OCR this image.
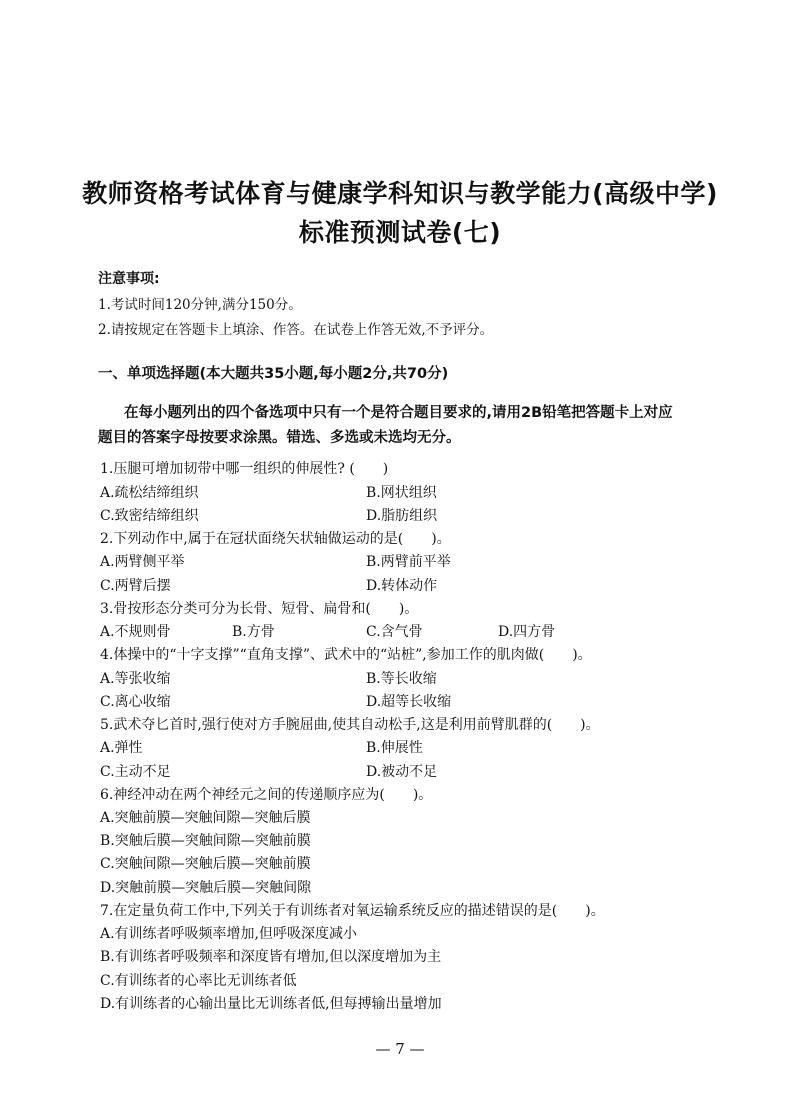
教师资格考试体育与健康学科知识与教学能力(高级中学)
标准预测试卷(七)
注意事项:
1.考试时间120分钟,满分150分。
2.请按规定在答题卡上填涂、作答。在试卷上作答无效,不予评分。
一、单项选择题(本大题共35小题,每小题2分,共70分)
在每小题列出的四个备选项中只有一个是符合题目要求的,请用2B铅笔把答题卡上对应
题目的答案字母按要求涂黑。错选、多选或未选均无分。
1.压腿可增加韧带中哪一组织的伸展性? (　　)
A.疏松结缔组织	B.网状组织
C.致密结缔组织	D.脂肪组织
2.下列动作中,属于在冠状面绕矢状轴做运动的是(　　)。
A.两臂侧平举	B.两臂前平举
C.两臂后摆	D.转体动作
3.骨按形态分类可分为长骨、短骨、扁骨和(　　)。
A.不规则骨	B.方骨	C.含气骨	D.四方骨
4.体操中的“十字支撑”“直角支撑”、武术中的“站桩”,参加工作的肌肉做(　　)。
A.等张收缩	B.等长收缩
C.离心收缩	D.超等长收缩
5.武术夺匕首时,强行使对方手腕屈曲,使其自动松手,这是利用前臂肌群的(　　)。
A.弹性	B.伸展性
C.主动不足	D.被动不足
6.神经冲动在两个神经元之间的传递顺序应为(　　)。
A.突触前膜—突触间隙—突触后膜
B.突触后膜—突触间隙—突触前膜
C.突触间隙—突触后膜—突触前膜
D.突触前膜—突触后膜—突触间隙
7.在定量负荷工作中,下列关于有训练者对氧运输系统反应的描述错误的是(　　)。
A.有训练者呼吸频率增加,但呼吸深度减小
B.有训练者呼吸频率和深度皆有增加,但以深度增加为主
C.有训练者的心率比无训练者低
D.有训练者的心输出量比无训练者低,但每搏输出量增加
— 7 —
